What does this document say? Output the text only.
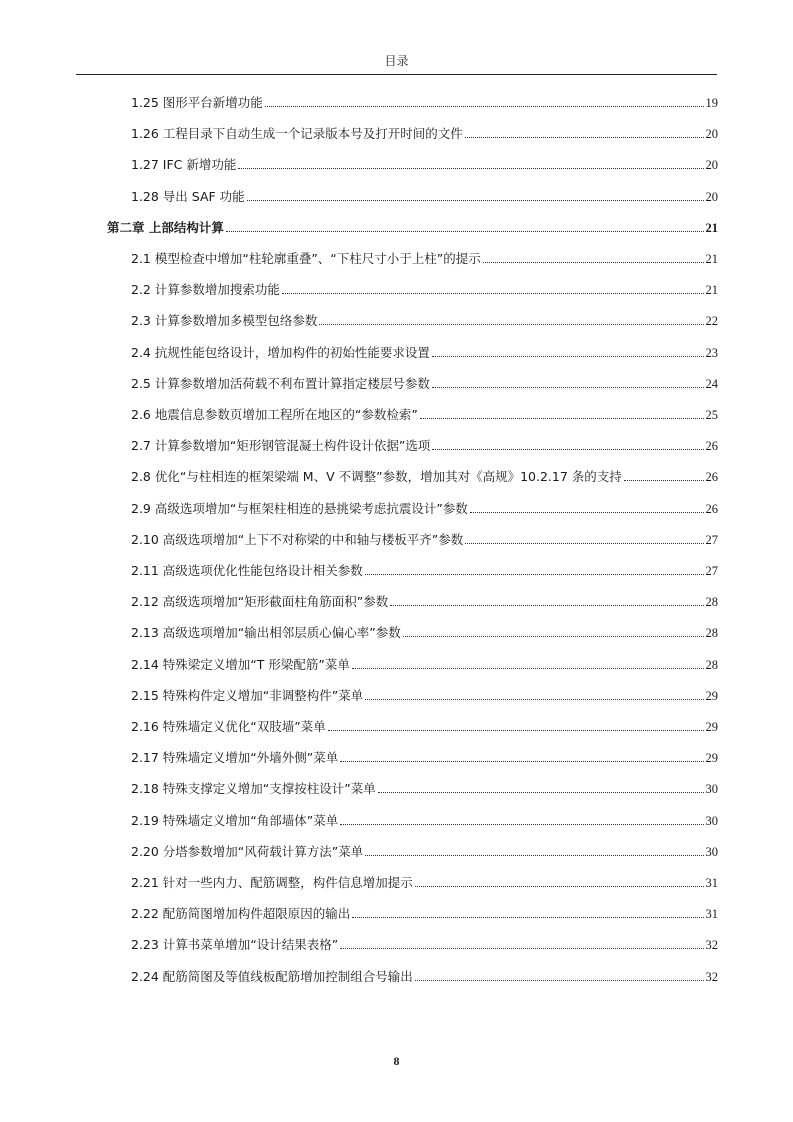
目录
1.25 图形平台新增功能	19
1.26 工程目录下自动生成一个记录版本号及打开时间的文件	20
1.27 IFC 新增功能	20
1.28 导出 SAF 功能	20
第二章 上部结构计算	21
2.1 模型检查中增加“柱轮廓重叠”、“下柱尺寸小于上柱”的提示	21
2.2 计算参数增加搜索功能	21
2.3 计算参数增加多模型包络参数	22
2.4 抗规性能包络设计，增加构件的初始性能要求设置	23
2.5 计算参数增加活荷载不利布置计算指定楼层号参数	24
2.6 地震信息参数页增加工程所在地区的“参数检索”	25
2.7 计算参数增加“矩形钢管混凝土构件设计依据”选项	26
2.8 优化“与柱相连的框架梁端 M、V 不调整”参数，增加其对《高规》10.2.17 条的支持	26
2.9 高级选项增加“与框架柱相连的悬挑梁考虑抗震设计”参数	26
2.10 高级选项增加“上下不对称梁的中和轴与楼板平齐”参数	27
2.11 高级选项优化性能包络设计相关参数	27
2.12 高级选项增加“矩形截面柱角筋面积”参数	28
2.13 高级选项增加“输出相邻层质心偏心率”参数	28
2.14 特殊梁定义增加“T 形梁配筋”菜单	28
2.15 特殊构件定义增加“非调整构件”菜单	29
2.16 特殊墙定义优化“双肢墙”菜单	29
2.17 特殊墙定义增加“外墙外侧”菜单	29
2.18 特殊支撑定义增加“支撑按柱设计”菜单	30
2.19 特殊墙定义增加“角部墙体”菜单	30
2.20 分塔参数增加“风荷载计算方法”菜单	30
2.21 针对一些内力、配筋调整，构件信息增加提示	31
2.22 配筋简图增加构件超限原因的输出	31
2.23 计算书菜单增加“设计结果表格”	32
2.24 配筋简图及等值线板配筋增加控制组合号输出	32
8
